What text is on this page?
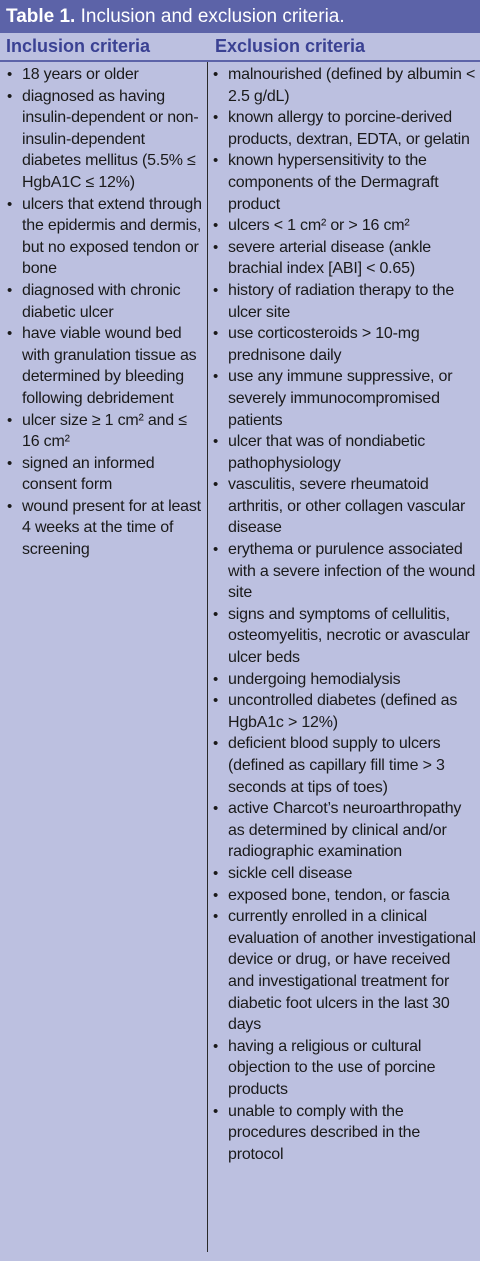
Table 1. Inclusion and exclusion criteria.
Inclusion criteria	Exclusion criteria
• 18 years or older
• diagnosed as having insulin-dependent or non-insulin-dependent diabetes mellitus (5.5% ≤ HgbA1C ≤ 12%)
• ulcers that extend through the epidermis and dermis, but no exposed tendon or bone
• diagnosed with chronic diabetic ulcer
• have viable wound bed with granulation tissue as determined by bleeding following debridement
• ulcer size ≥ 1 cm² and ≤ 16 cm²
• signed an informed consent form
• wound present for at least 4 weeks at the time of screening
• malnourished (defined by albumin < 2.5 g/dL)
• known allergy to porcine-derived products, dextran, EDTA, or gelatin
• known hypersensitivity to the components of the Dermagraft product
• ulcers < 1 cm² or > 16 cm²
• severe arterial disease (ankle brachial index [ABI] < 0.65)
• history of radiation therapy to the ulcer site
• use corticosteroids > 10-mg prednisone daily
• use any immune suppressive, or severely immunocompromised patients
• ulcer that was of nondiabetic pathophysiology
• vasculitis, severe rheumatoid arthritis, or other collagen vascular disease
• erythema or purulence associated with a severe infection of the wound site
• signs and symptoms of cellulitis, osteomyelitis, necrotic or avascular ulcer beds
• undergoing hemodialysis
• uncontrolled diabetes (defined as HgbA1c > 12%)
• deficient blood supply to ulcers (defined as capillary fill time > 3 seconds at tips of toes)
• active Charcot’s neuroarthropathy as determined by clinical and/or radiographic examination
• sickle cell disease
• exposed bone, tendon, or fascia
• currently enrolled in a clinical evaluation of another investigational device or drug, or have received and investigational treatment for diabetic foot ulcers in the last 30 days
• having a religious or cultural objection to the use of porcine products
• unable to comply with the procedures described in the protocol
